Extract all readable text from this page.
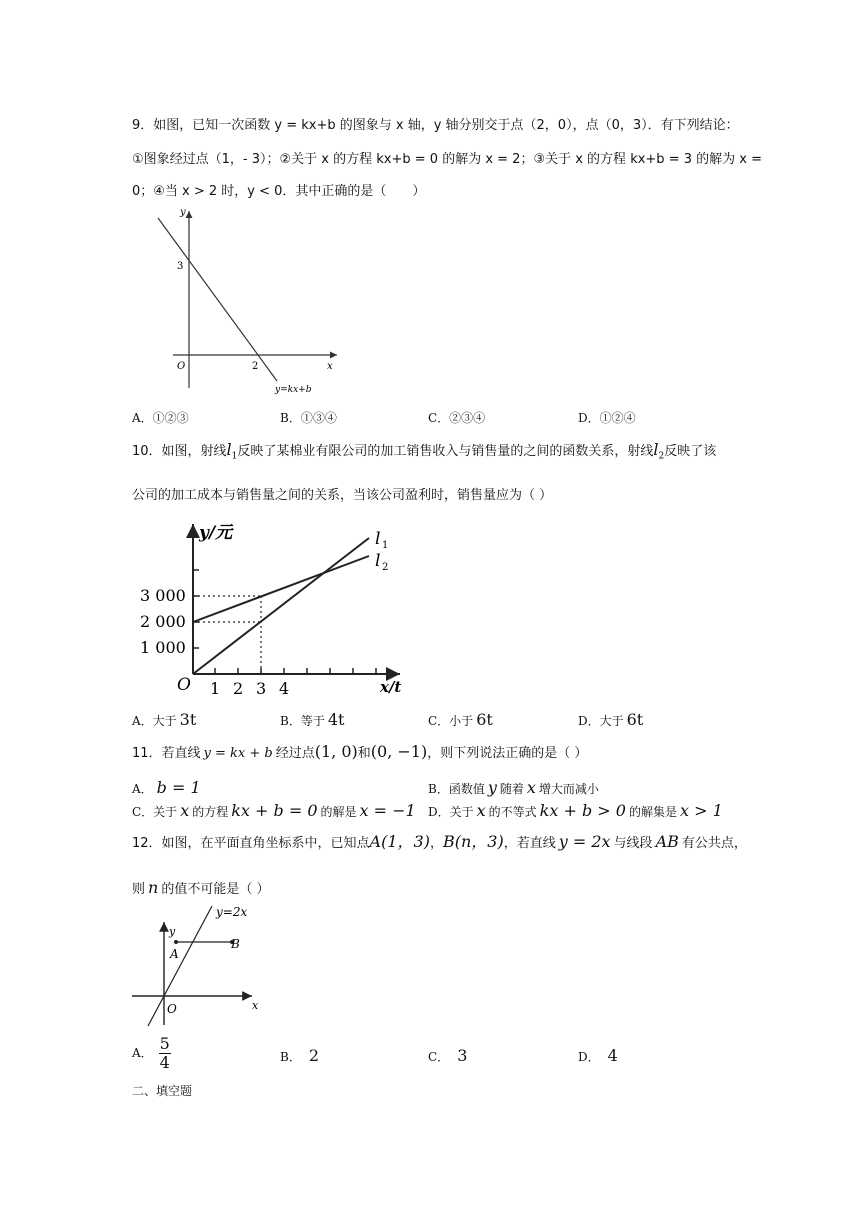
9．如图，已知一次函数 y = kx+b 的图象与 x 轴，y 轴分别交于点（2，0），点（0，3）．有下列结论：
①图象经过点（1，- 3）；②关于 x 的方程 kx+b = 0 的解为 x = 2；③关于 x 的方程 kx+b = 3 的解为 x =
0；④当 x > 2 时，y < 0．其中正确的是（　　）
y
x
O
3
2
y=kx+b
A．①②③	B．①③④	C．②③④	D．①②④
10．如图，射线$l_1$反映了某棉业有限公司的加工销售收入与销售量的之间的函数关系，射线$l_2$反映了该
公司的加工成本与销售量之间的关系，当该公司盈利时，销售量应为（ ）
y/元
x/t
O
3 000
2 000
1 000
1 2 3 4
l 1
l 2
A．大于 3t	B．等于 4t	C．小于 6t	D．大于 6t
11．若直线 y = kx + b 经过点(1, 0)和(0, −1)，则下列说法正确的是（ ）
A． b = 1	B．函数值 y 随着 x 增大而减小
C．关于 x 的方程 kx + b = 0 的解是 x = −1 D．关于 x 的不等式 kx + b > 0 的解集是 x > 1
12．如图，在平面直角坐标系中，已知点A(1，3)，B(n，3)，若直线 y = 2x 与线段 AB 有公共点，
则 n 的值不可能是（ ）
y=2x
y
x
O
A
B
A． $\frac{5}{4}$	B． 2	C． 3	D． 4
二、填空题
